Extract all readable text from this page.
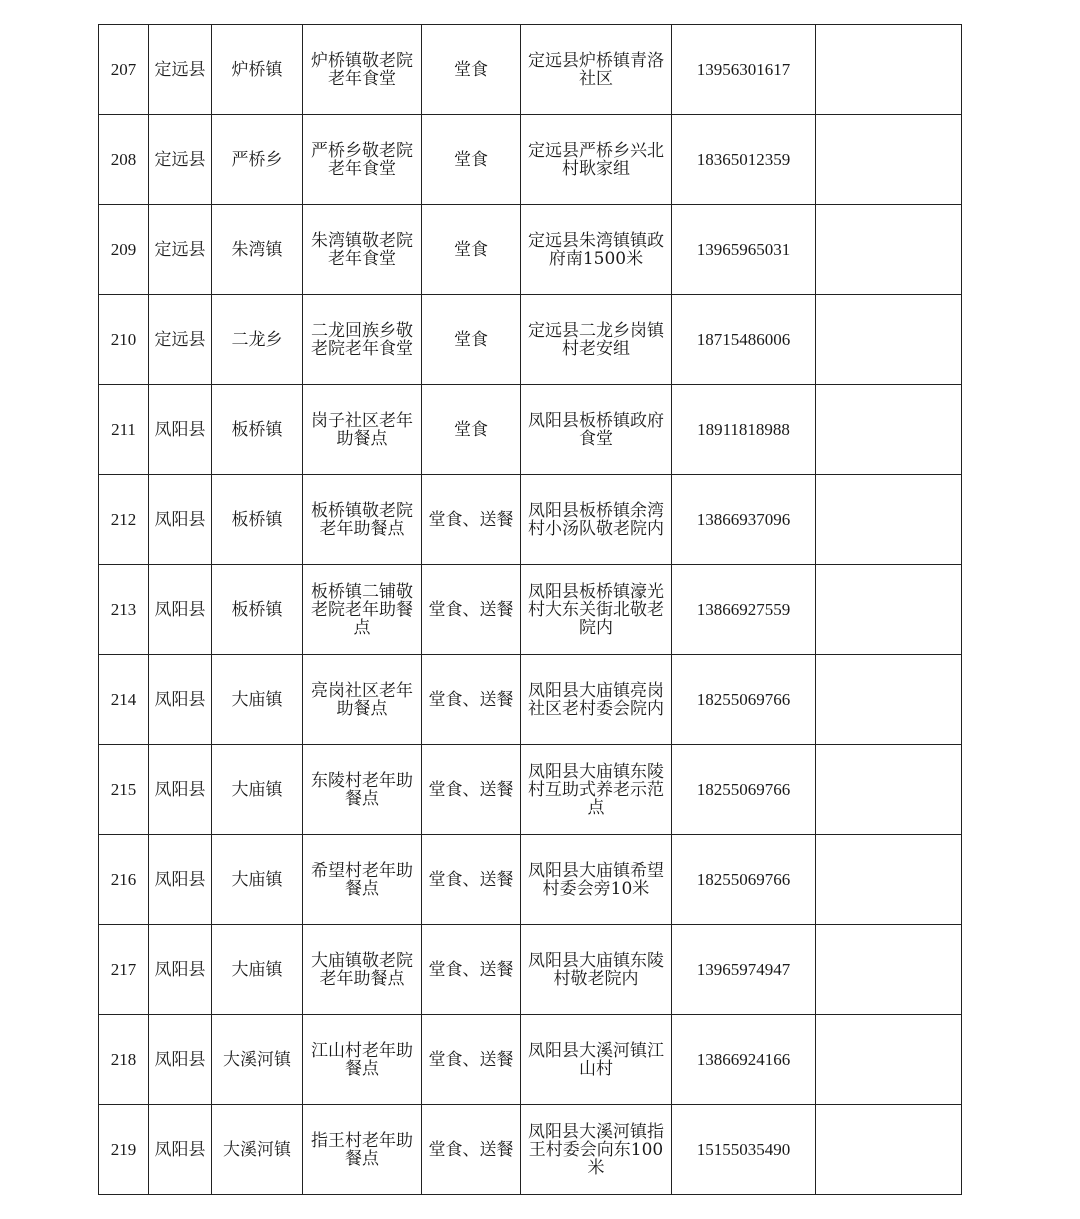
207	定远县	炉桥镇	炉桥镇敬老院老年食堂	堂食	定远县炉桥镇青洛社区	13956301617	
208	定远县	严桥乡	严桥乡敬老院老年食堂	堂食	定远县严桥乡兴北村耿家组	18365012359	
209	定远县	朱湾镇	朱湾镇敬老院老年食堂	堂食	定远县朱湾镇镇政府南1500米	13965965031	
210	定远县	二龙乡	二龙回族乡敬老院老年食堂	堂食	定远县二龙乡岗镇村老安组	18715486006	
211	凤阳县	板桥镇	岗子社区老年助餐点	堂食	凤阳县板桥镇政府食堂	18911818988	
212	凤阳县	板桥镇	板桥镇敬老院老年助餐点	堂食、送餐	凤阳县板桥镇余湾村小汤队敬老院内	13866937096	
213	凤阳县	板桥镇	板桥镇二铺敬老院老年助餐点	堂食、送餐	凤阳县板桥镇濠光村大东关街北敬老院内	13866927559	
214	凤阳县	大庙镇	亮岗社区老年助餐点	堂食、送餐	凤阳县大庙镇亮岗社区老村委会院内	18255069766	
215	凤阳县	大庙镇	东陵村老年助餐点	堂食、送餐	凤阳县大庙镇东陵村互助式养老示范点	18255069766	
216	凤阳县	大庙镇	希望村老年助餐点	堂食、送餐	凤阳县大庙镇希望村委会旁10米	18255069766	
217	凤阳县	大庙镇	大庙镇敬老院老年助餐点	堂食、送餐	凤阳县大庙镇东陵村敬老院内	13965974947	
218	凤阳县	大溪河镇	江山村老年助餐点	堂食、送餐	凤阳县大溪河镇江山村	13866924166	
219	凤阳县	大溪河镇	指王村老年助餐点	堂食、送餐	凤阳县大溪河镇指王村委会向东100米	15155035490	
